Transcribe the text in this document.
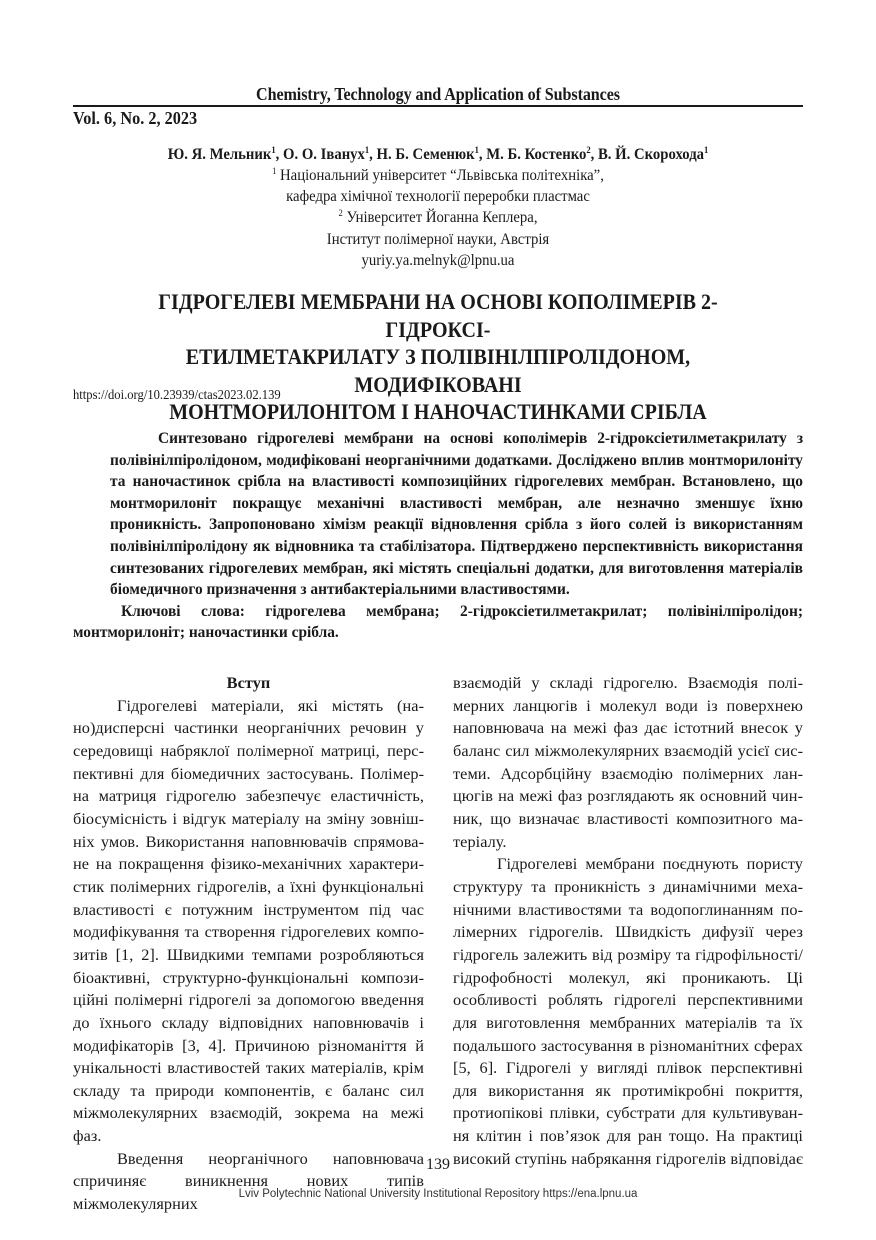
Chemistry, Technology and Application of Substances
Vol. 6, No. 2, 2023
Ю. Я. Мельник$^1$, О. О. Іванух$^1$, Н. Б. Семенюк$^1$, М. Б. Костенко$^2$, В. Й. Скорохода$^1$
$^1$ Національний університет “Львівська політехніка”,
кафедра хімічної технології переробки пластмас
$^2$ Університет Йоганна Кеплера,
Інститут полімерної науки, Австрія
yuriy.ya.melnyk@lpnu.ua
ГІДРОГЕЛЕВІ МЕМБРАНИ НА ОСНОВІ КОПОЛІМЕРІВ 2-ГІДРОКСІ-
ЕТИЛМЕТАКРИЛАТУ З ПОЛІВІНІЛПІРОЛІДОНОМ, МОДИФІКОВАНІ
МОНТМОРИЛОНІТОМ І НАНОЧАСТИНКАМИ СРІБЛА
https://doi.org/10.23939/ctas2023.02.139

Синтезовано гідрогелеві мембрани на основі кополімерів 2-гідроксіетилметакрилату з полівінілпіролідоном, модифіковані неорганічними додатками. Досліджено вплив монтморилоніту та наночастинок срібла на властивості композиційних гідрогелевих мембран. Встановлено, що монтморилоніт покращує механічні властивості мембран, але незначно зменшує їхню проникність. Запропоновано хімізм реакції відновлення срібла з його солей із використанням полівінілпіролідону як відновника та стабілізатора. Підтверджено перспективність використання синтезованих гідрогелевих мембран, які містять спеціальні додатки, для виготовлення матеріалів біомедичного призначення з антибактеріальними властивостями.

Ключові слова: гідрогелева мембрана; 2-гідроксіетилметакрилат; полівінілпіролідон; монтморилоніт; наночастинки срібла.

Вступ

Гідрогелеві матеріали, які містять (нано)дисперсні частинки неорганічних речовин у середовищі набряклої полімерної матриці, перспективні для біомедичних застосувань. Полімерна матриця гідрогелю забезпечує еластичність, біосумісність і відгук матеріалу на зміну зовнішніх умов. Використання наповнювачів спрямоване на покращення фізико-механічних характеристик полімерних гідрогелів, а їхні функціональні властивості є потужним інструментом під час модифікування та створення гідрогелевих композитів [1, 2]. Швидкими темпами розробляються біоактивні, структурно-функціональні композиційні полімерні гідрогелі за допомогою введення до їхнього складу відповідних наповнювачів і модифікаторів [3, 4]. Причиною різноманіття й унікальності властивостей таких матеріалів, крім складу та природи компонентів, є баланс сил міжмолекулярних взаємодій, зокрема на межі фаз.

Введення неорганічного наповнювача спричиняє виникнення нових типів міжмолекулярних

взаємодій у складі гідрогелю. Взаємодія полімерних ланцюгів і молекул води із поверхнею наповнювача на межі фаз дає істотний внесок у баланс сил міжмолекулярних взаємодій усієї системи. Адсорбційну взаємодію полімерних ланцюгів на межі фаз розглядають як основний чинник, що визначає властивості композитного матеріалу.

Гідрогелеві мембрани поєднують пористу структуру та проникність з динамічними механічними властивостями та водопоглинанням полімерних гідрогелів. Швидкість дифузії через гідрогель залежить від розміру та гідрофільності/гідрофобності молекул, які проникають. Ці особливості роблять гідрогелі перспективними для виготовлення мембранних матеріалів та їх подальшого застосування в різноманітних сферах [5, 6]. Гідрогелі у вигляді плівок перспективні для використання як протимікробні покриття, протиопікові плівки, субстрати для культивування клітин і пов’язок для ран тощо. На практиці високий ступінь набрякання гідрогелів відповідає

139
Lviv Polytechnic National University Institutional Repository https://ena.lpnu.ua
